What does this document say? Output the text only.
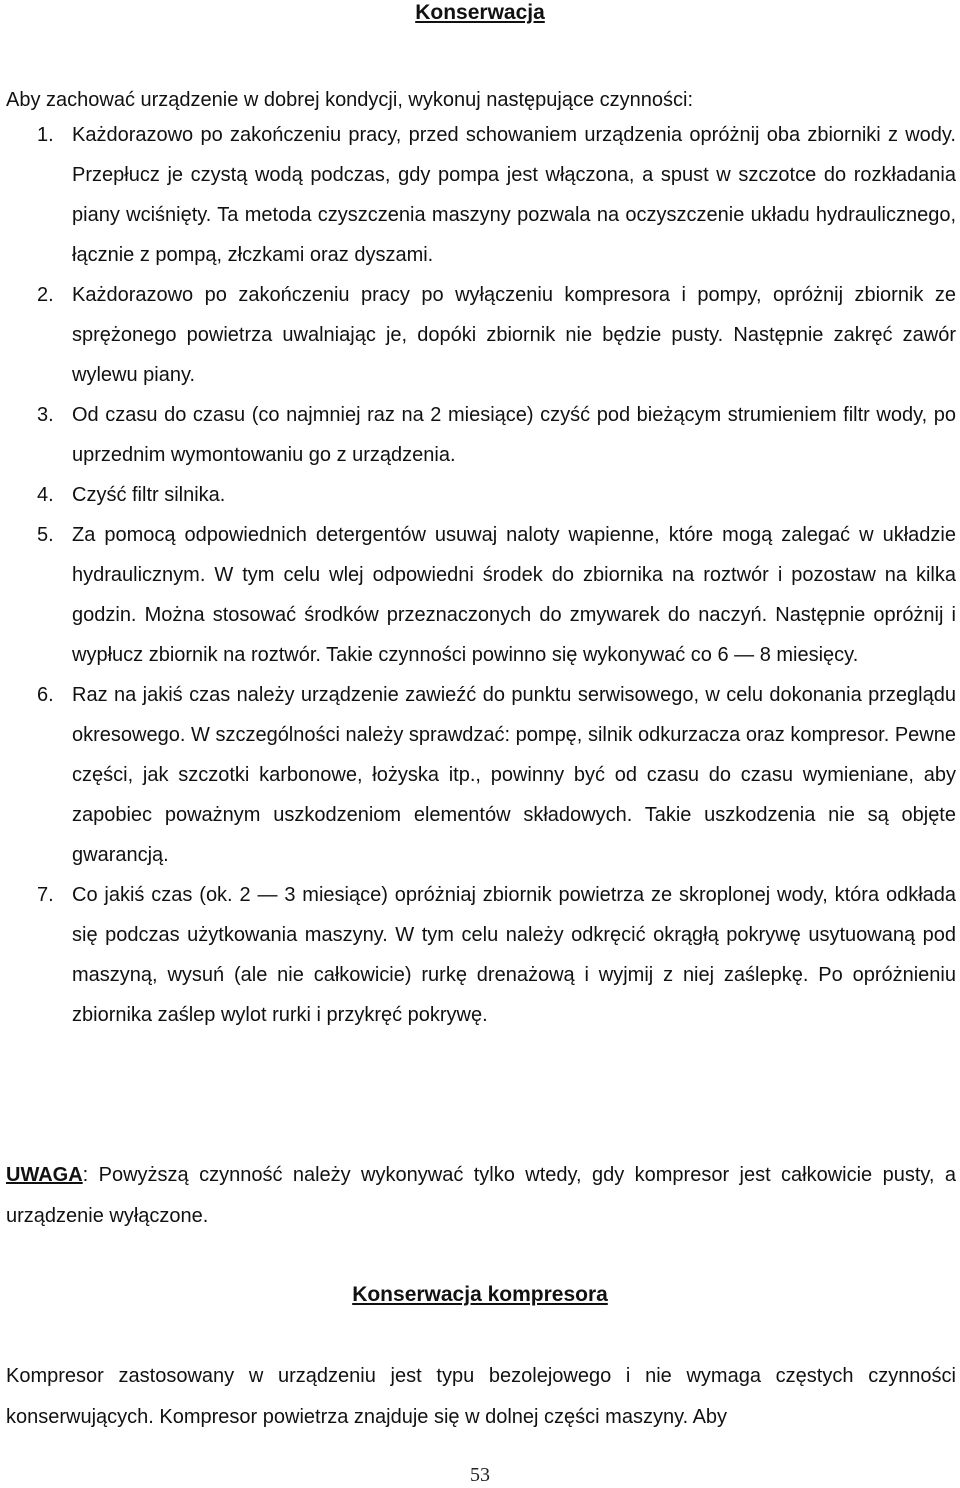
Konserwacja
Aby zachować urządzenie w dobrej kondycji, wykonuj następujące czynności:
1. Każdorazowo po zakończeniu pracy, przed schowaniem urządzenia opróżnij oba zbiorniki z wody. Przepłucz je czystą wodą podczas, gdy pompa jest włączona, a spust w szczotce do rozkładania piany wciśnięty. Ta metoda czyszczenia maszyny pozwala na oczyszczenie układu hydraulicznego, łącznie z pompą, złczkami oraz dyszami.
2. Każdorazowo po zakończeniu pracy po wyłączeniu kompresora i pompy, opróżnij zbiornik ze sprężonego powietrza uwalniając je, dopóki zbiornik nie będzie pusty. Następnie zakręć zawór wylewu piany.
3. Od czasu do czasu (co najmniej raz na 2 miesiące) czyść pod bieżącym strumieniem filtr wody, po uprzednim wymontowaniu go z urządzenia.
4. Czyść filtr silnika.
5. Za pomocą odpowiednich detergentów usuwaj naloty wapienne, które mogą zalegać w układzie hydraulicznym. W tym celu wlej odpowiedni środek do zbiornika na roztwór i pozostaw na kilka godzin. Można stosować środków przeznaczonych do zmywarek do naczyń. Następnie opróżnij i wypłucz zbiornik na roztwór. Takie czynności powinno się wykonywać co 6 — 8 miesięcy.
6. Raz na jakiś czas należy urządzenie zawieźć do punktu serwisowego, w celu dokonania przeglądu okresowego. W szczególności należy sprawdzać: pompę, silnik odkurzacza oraz kompresor. Pewne części, jak szczotki karbonowe, łożyska itp., powinny być od czasu do czasu wymieniane, aby zapobiec poważnym uszkodzeniom elementów składowych. Takie uszkodzenia nie są objęte gwarancją.
7. Co jakiś czas (ok. 2 — 3 miesiące) opróżniaj zbiornik powietrza ze skroplonej wody, która odkłada się podczas użytkowania maszyny. W tym celu należy odkręcić okrągłą pokrywę usytuowaną pod maszyną, wysuń (ale nie całkowicie) rurkę drenażową i wyjmij z niej zaślepkę. Po opróżnieniu zbiornika zaślep wylot rurki i przykręć pokrywę.
UWAGA: Powyższą czynność należy wykonywać tylko wtedy, gdy kompresor jest całkowicie pusty, a urządzenie wyłączone.
Konserwacja kompresora
Kompresor zastosowany w urządzeniu jest typu bezolejowego i nie wymaga częstych czynności konserwujących. Kompresor powietrza znajduje się w dolnej części maszyny. Aby
53
